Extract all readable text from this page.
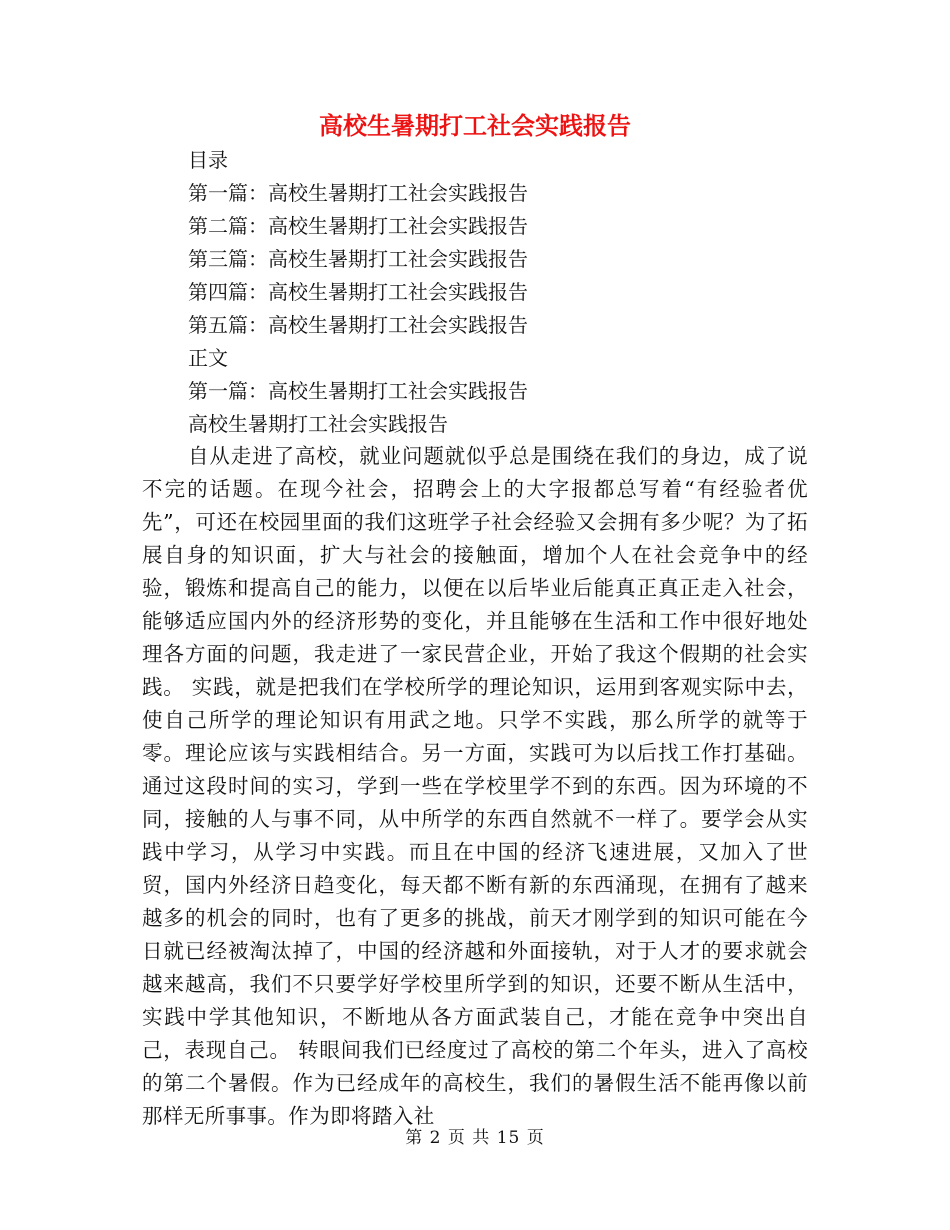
高校生暑期打工社会实践报告
目录
第一篇：高校生暑期打工社会实践报告
第二篇：高校生暑期打工社会实践报告
第三篇：高校生暑期打工社会实践报告
第四篇：高校生暑期打工社会实践报告
第五篇：高校生暑期打工社会实践报告
正文
第一篇：高校生暑期打工社会实践报告
高校生暑期打工社会实践报告

自从走进了高校，就业问题就似乎总是围绕在我们的身边，成了说不完的话题。在现今社会，招聘会上的大字报都总写着“有经验者优先”，可还在校园里面的我们这班学子社会经验又会拥有多少呢？为了拓展自身的知识面，扩大与社会的接触面，增加个人在社会竞争中的经验，锻炼和提高自己的能力，以便在以后毕业后能真正真正走入社会，能够适应国内外的经济形势的变化，并且能够在生活和工作中很好地处理各方面的问题，我走进了一家民营企业，开始了我这个假期的社会实践。 实践，就是把我们在学校所学的理论知识，运用到客观实际中去，使自己所学的理论知识有用武之地。只学不实践，那么所学的就等于零。理论应该与实践相结合。另一方面，实践可为以后找工作打基础。通过这段时间的实习，学到一些在学校里学不到的东西。因为环境的不同，接触的人与事不同，从中所学的东西自然就不一样了。要学会从实践中学习，从学习中实践。而且在中国的经济飞速进展，又加入了世贸，国内外经济日趋变化，每天都不断有新的东西涌现，在拥有了越来越多的机会的同时，也有了更多的挑战，前天才刚学到的知识可能在今日就已经被淘汰掉了，中国的经济越和外面接轨，对于人才的要求就会越来越高，我们不只要学好学校里所学到的知识，还要不断从生活中，实践中学其他知识，不断地从各方面武装自己，才能在竞争中突出自己，表现自己。 转眼间我们已经度过了高校的第二个年头，进入了高校的第二个暑假。作为已经成年的高校生，我们的暑假生活不能再像以前那样无所事事。作为即将踏入社

第 2 页 共 15 页
